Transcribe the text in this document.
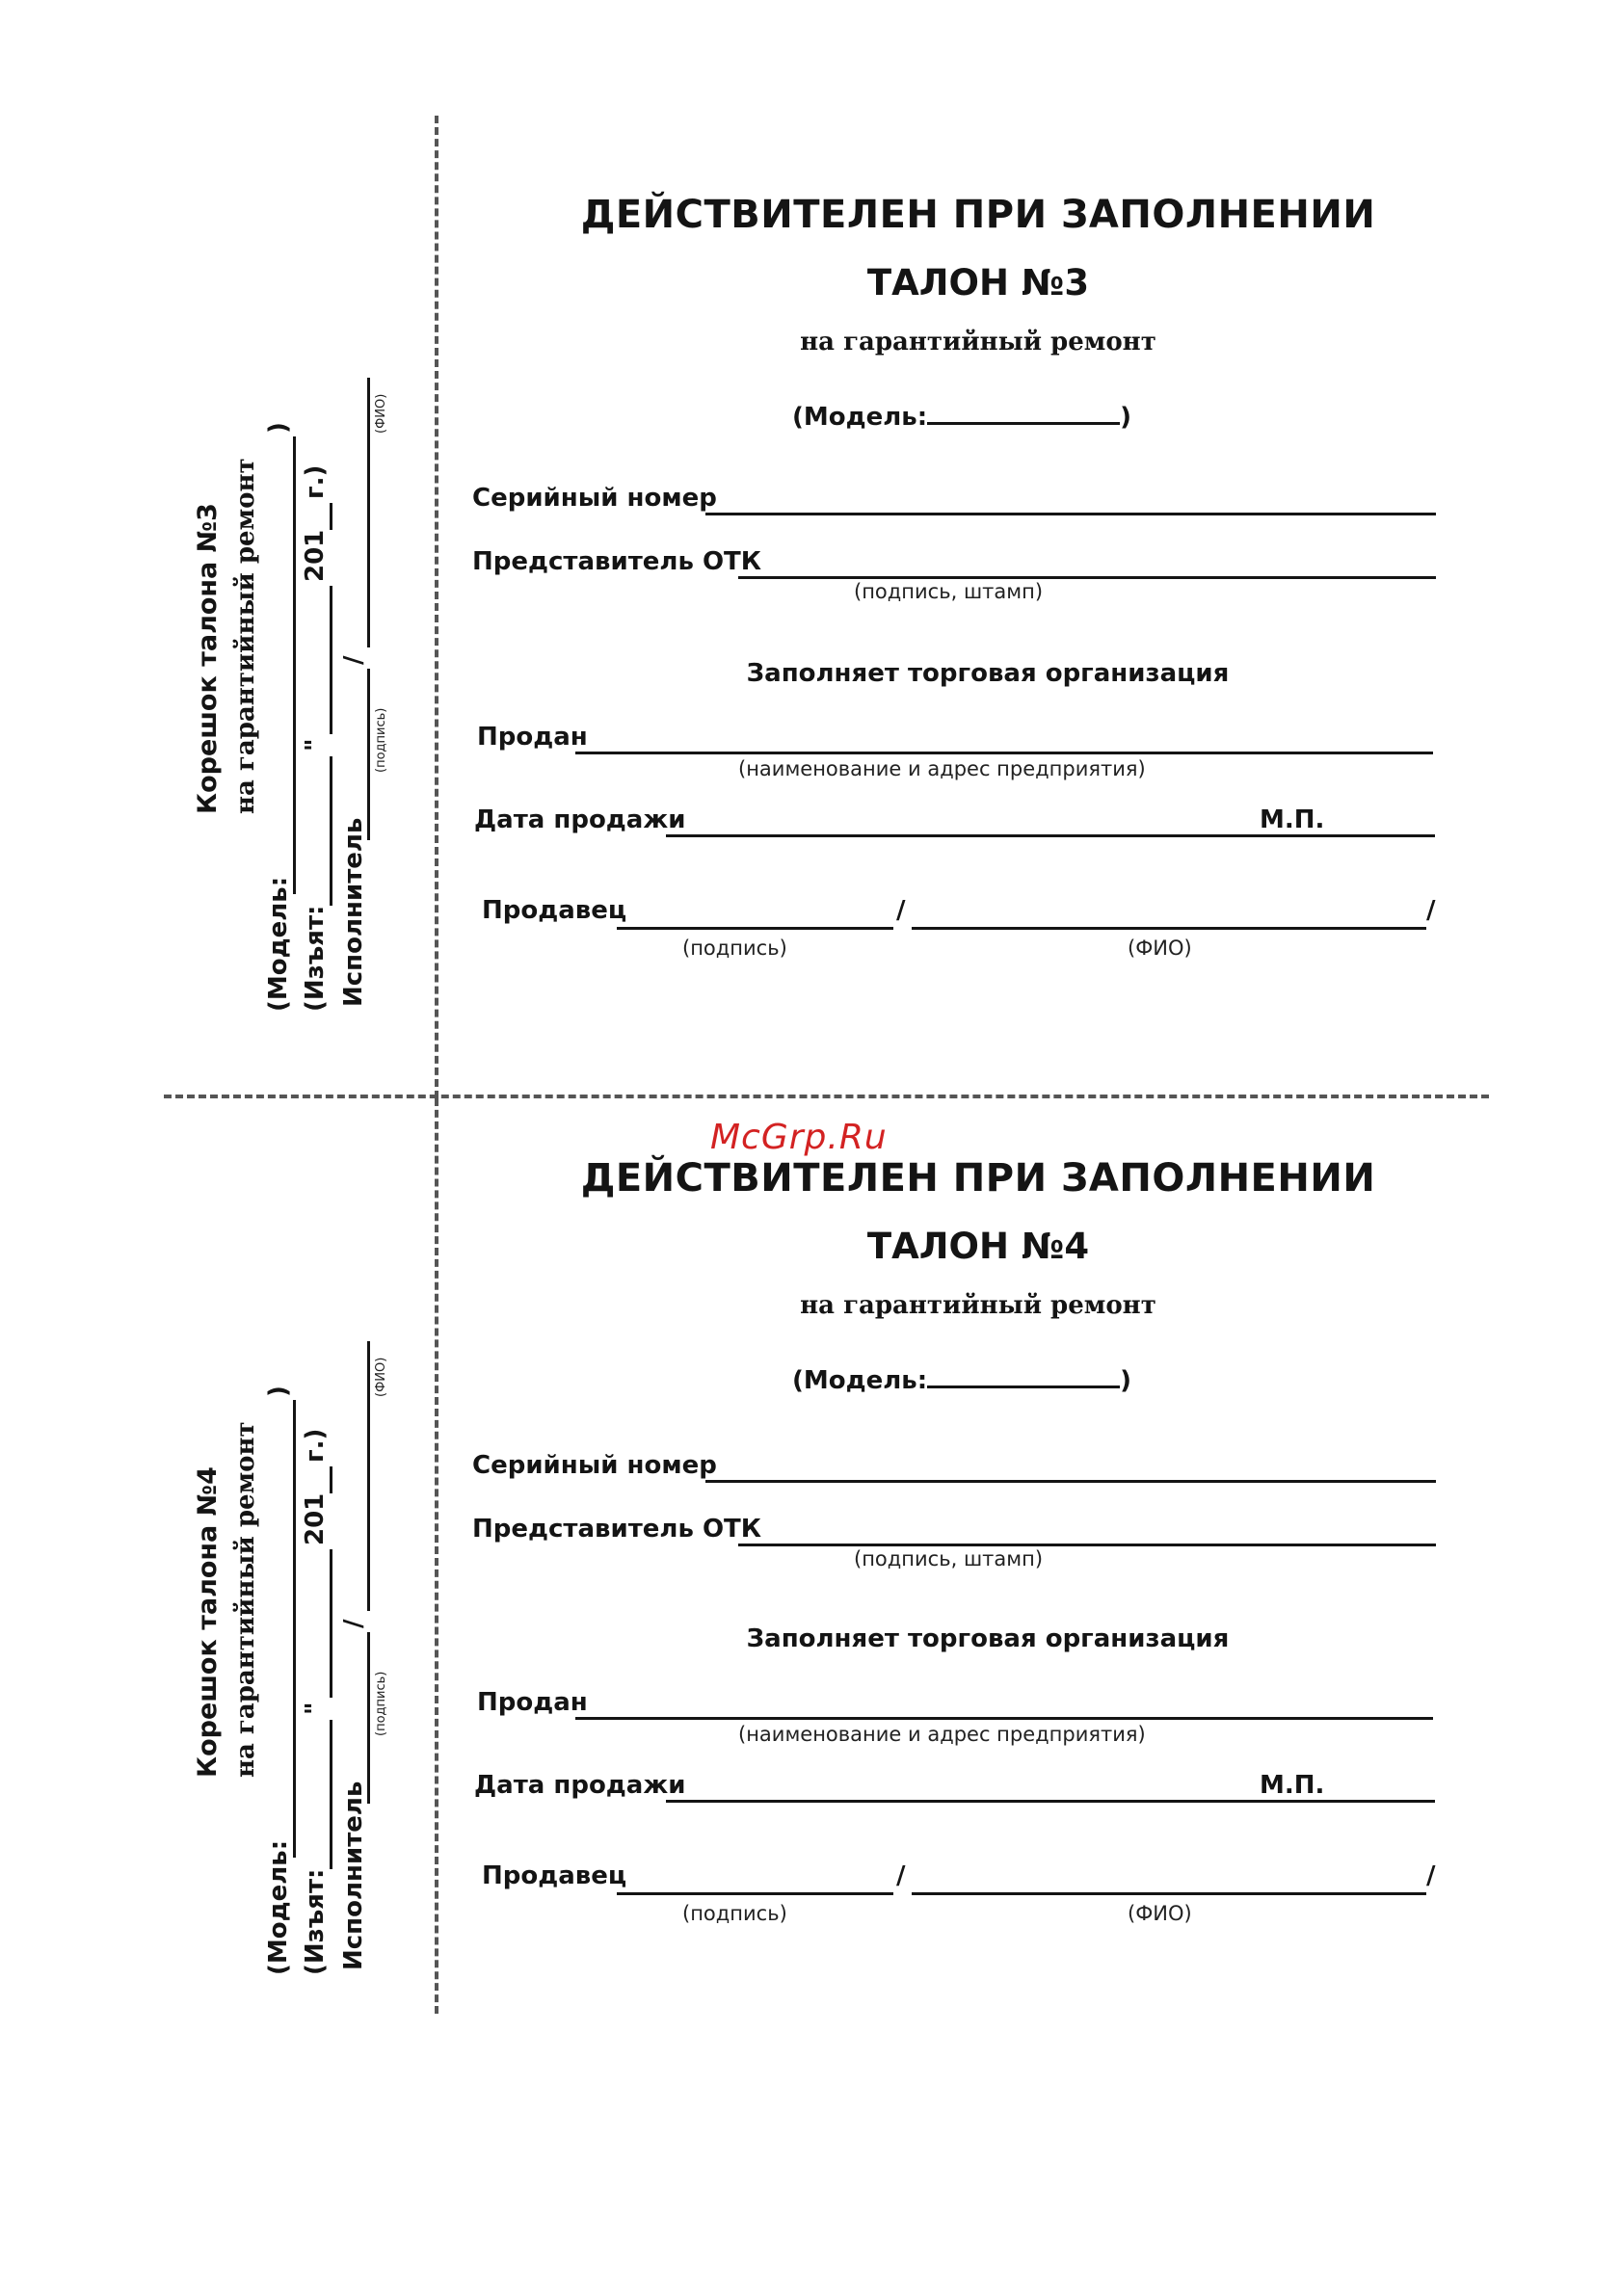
McGrp.Ru
ДЕЙСТВИТЕЛЕН ПРИ ЗАПОЛНЕНИИ
ТАЛОН №3
на гарантийный ремонт
(Модель:	)
Серийный номер
Представитель ОТК
(подпись, штамп)
Заполняет торговая организация
Продан
(наименование и адрес предприятия)
Дата продажи	М.П.
Продавец	/	/
(подпись)	(ФИО)
ДЕЙСТВИТЕЛЕН ПРИ ЗАПОЛНЕНИИ
ТАЛОН №4
на гарантийный ремонт
(Модель:	)
Серийный номер
Представитель ОТК
(подпись, штамп)
Заполняет торговая организация
Продан
(наименование и адрес предприятия)
Дата продажи	М.П.
Продавец	/	/
(подпись)	(ФИО)
Корешок талона №3 на гарантийный ремонт
(Модель:
)
(Изъят:
"
201
г.)
Исполнитель
/
(подпись)
(ФИО)
Корешок талона №4 на гарантийный ремонт
(Модель:
)
(Изъят:
"
201
г.)
Исполнитель
/
(подпись)
(ФИО)
